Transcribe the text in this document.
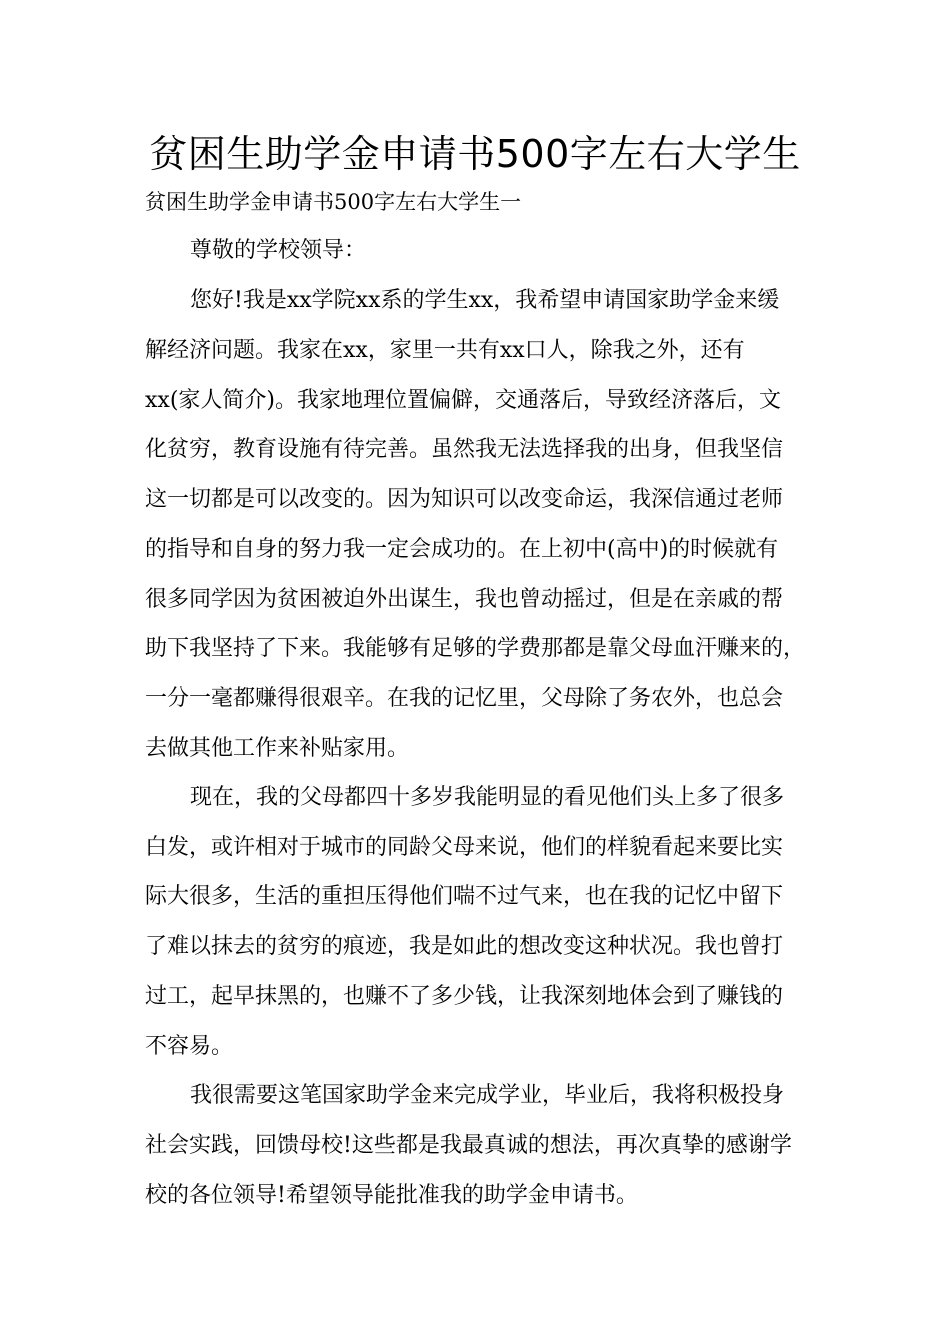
贫困生助学金申请书500字左右大学生

贫困生助学金申请书500字左右大学生一

尊敬的学校领导：
您好!我是xx学院xx系的学生xx，我希望申请国家助学金来缓
解经济问题。我家在xx，家里一共有xx口人，除我之外，还有
xx(家人简介)。我家地理位置偏僻，交通落后，导致经济落后，文
化贫穷，教育设施有待完善。虽然我无法选择我的出身，但我坚信
这一切都是可以改变的。因为知识可以改变命运，我深信通过老师
的指导和自身的努力我一定会成功的。在上初中(高中)的时候就有
很多同学因为贫困被迫外出谋生，我也曾动摇过，但是在亲戚的帮
助下我坚持了下来。我能够有足够的学费那都是靠父母血汗赚来的，
一分一毫都赚得很艰辛。在我的记忆里，父母除了务农外，也总会
去做其他工作来补贴家用。
现在，我的父母都四十多岁我能明显的看见他们头上多了很多
白发，或许相对于城市的同龄父母来说，他们的样貌看起来要比实
际大很多，生活的重担压得他们喘不过气来，也在我的记忆中留下
了难以抹去的贫穷的痕迹，我是如此的想改变这种状况。我也曾打
过工，起早抹黑的，也赚不了多少钱，让我深刻地体会到了赚钱的
不容易。
我很需要这笔国家助学金来完成学业，毕业后，我将积极投身
社会实践，回馈母校!这些都是我最真诚的想法，再次真挚的感谢学
校的各位领导!希望领导能批准我的助学金申请书。
